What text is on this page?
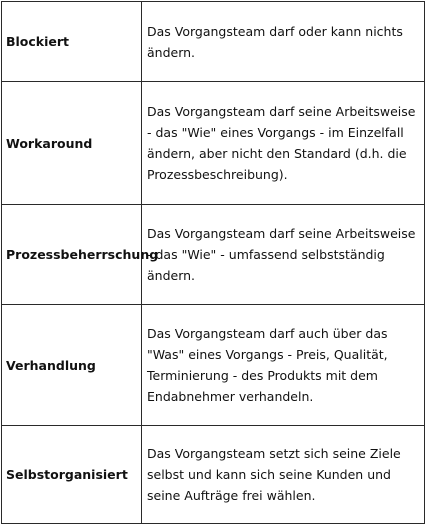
Blockiert
Das Vorgangsteam darf oder kann nichts ändern.
Workaround
Das Vorgangsteam darf seine Arbeitsweise - das "Wie" eines Vorgangs - im Einzelfall ändern, aber nicht den Standard (d.h. die Prozessbeschreibung).
Prozessbeherrschung
Das Vorgangsteam darf seine Arbeitsweise - das "Wie" - umfassend selbstständig ändern.
Verhandlung
Das Vorgangsteam darf auch über das "Was" eines Vorgangs - Preis, Qualität, Terminierung - des Produkts mit dem Endabnehmer verhandeln.
Selbstorganisiert
Das Vorgangsteam setzt sich seine Ziele selbst und kann sich seine Kunden und seine Aufträge frei wählen.
